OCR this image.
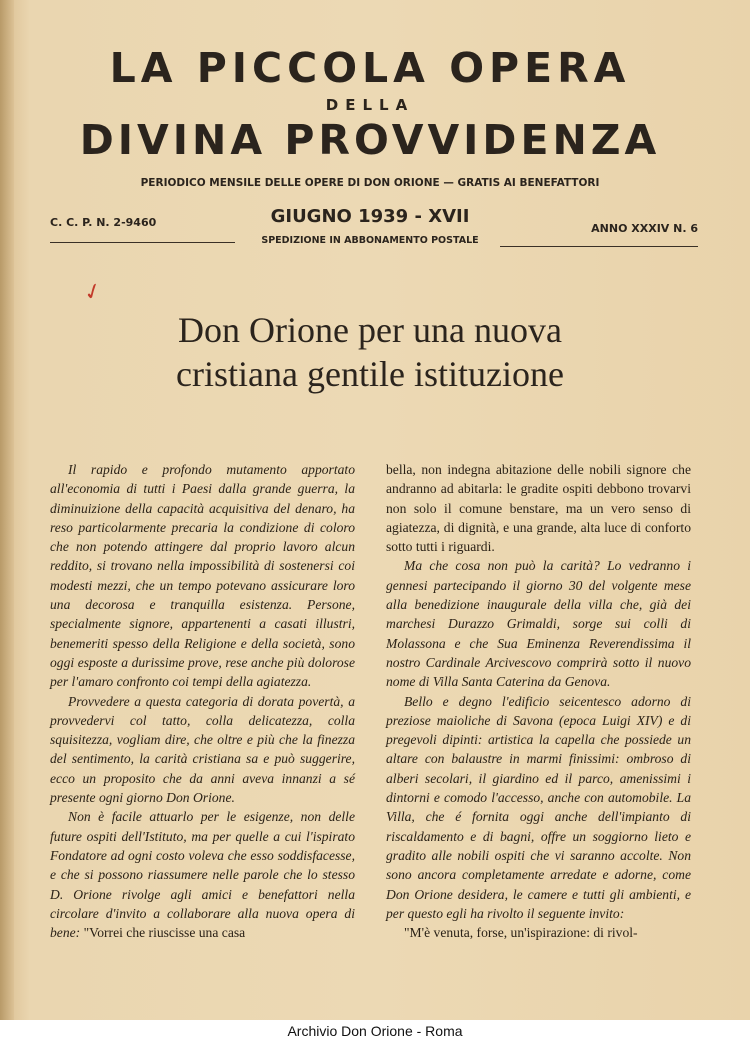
LA PICCOLA OPERA
DELLA
DIVINA PROVVIDENZA
PERIODICO MENSILE DELLE OPERE DI DON ORIONE — GRATIS AI BENEFATTORI
C. C. P. N. 2-9460	GIUGNO 1939 - XVII
SPEDIZIONE IN ABBONAMENTO POSTALE
ANNO XXXIV N. 6
✓
Don Orione per una nuova
cristiana gentile istituzione

Il rapido e profondo mutamento apportato all'economia di tutti i Paesi dalla grande guerra, la diminuizione della capacità acquisitiva del denaro, ha reso particolarmente precaria la condizione di coloro che non potendo attingere dal proprio lavoro alcun reddito, si trovano nella impossibilità di sostenersi coi modesti mezzi, che un tempo potevano assicurare loro una decorosa e tranquilla esistenza. Persone, specialmente signore, appartenenti a casati illustri, benemeriti spesso della Religione e della società, sono oggi esposte a durissime prove, rese anche più dolorose per l'amaro confronto coi tempi della agiatezza.

Provvedere a questa categoria di dorata povertà, a provvedervi col tatto, colla delicatezza, colla squisitezza, vogliam dire, che oltre e più che la finezza del sentimento, la carità cristiana sa e può suggerire, ecco un proposito che da anni aveva innanzi a sé presente ogni giorno Don Orione.

Non è facile attuarlo per le esigenze, non delle future ospiti dell'Istituto, ma per quelle a cui l'ispirato Fondatore ad ogni costo voleva che esso soddisfacesse, e che si possono riassumere nelle parole che lo stesso D. Orione rivolge agli amici e benefattori nella circolare d'invito a collaborare alla nuova opera di bene: "Vorrei che riuscisse una casa

bella, non indegna abitazione delle nobili signore che andranno ad abitarla: le gradite ospiti debbono trovarvi non solo il comune benstare, ma un vero senso di agiatezza, di dignità, e una grande, alta luce di conforto sotto tutti i riguardi.

Ma che cosa non può la carità? Lo vedranno i gennesi partecipando il giorno 30 del volgente mese alla benedizione inaugurale della villa che, già dei marchesi Durazzo Grimaldi, sorge sui colli di Molassona e che Sua Eminenza Reverendissima il nostro Cardinale Arcivescovo comprirà sotto il nuovo nome di Villa Santa Caterina da Genova.

Bello e degno l'edificio seicentesco adorno di preziose maioliche di Savona (epoca Luigi XIV) e di pregevoli dipinti: artistica la capella che possiede un altare con balaustre in marmi finissimi: ombroso di alberi secolari, il giardino ed il parco, amenissimi i dintorni e comodo l'accesso, anche con automobile. La Villa, che é fornita oggi anche dell'impianto di riscaldamento e di bagni, offre un soggiorno lieto e gradito alle nobili ospiti che vi saranno accolte. Non sono ancora completamente arredate e adorne, come Don Orione desidera, le camere e tutti gli ambienti, e per questo egli ha rivolto il seguente invito:

"M'è venuta, forse, un'ispirazione: di rivol-

Archivio Don Orione - Roma
